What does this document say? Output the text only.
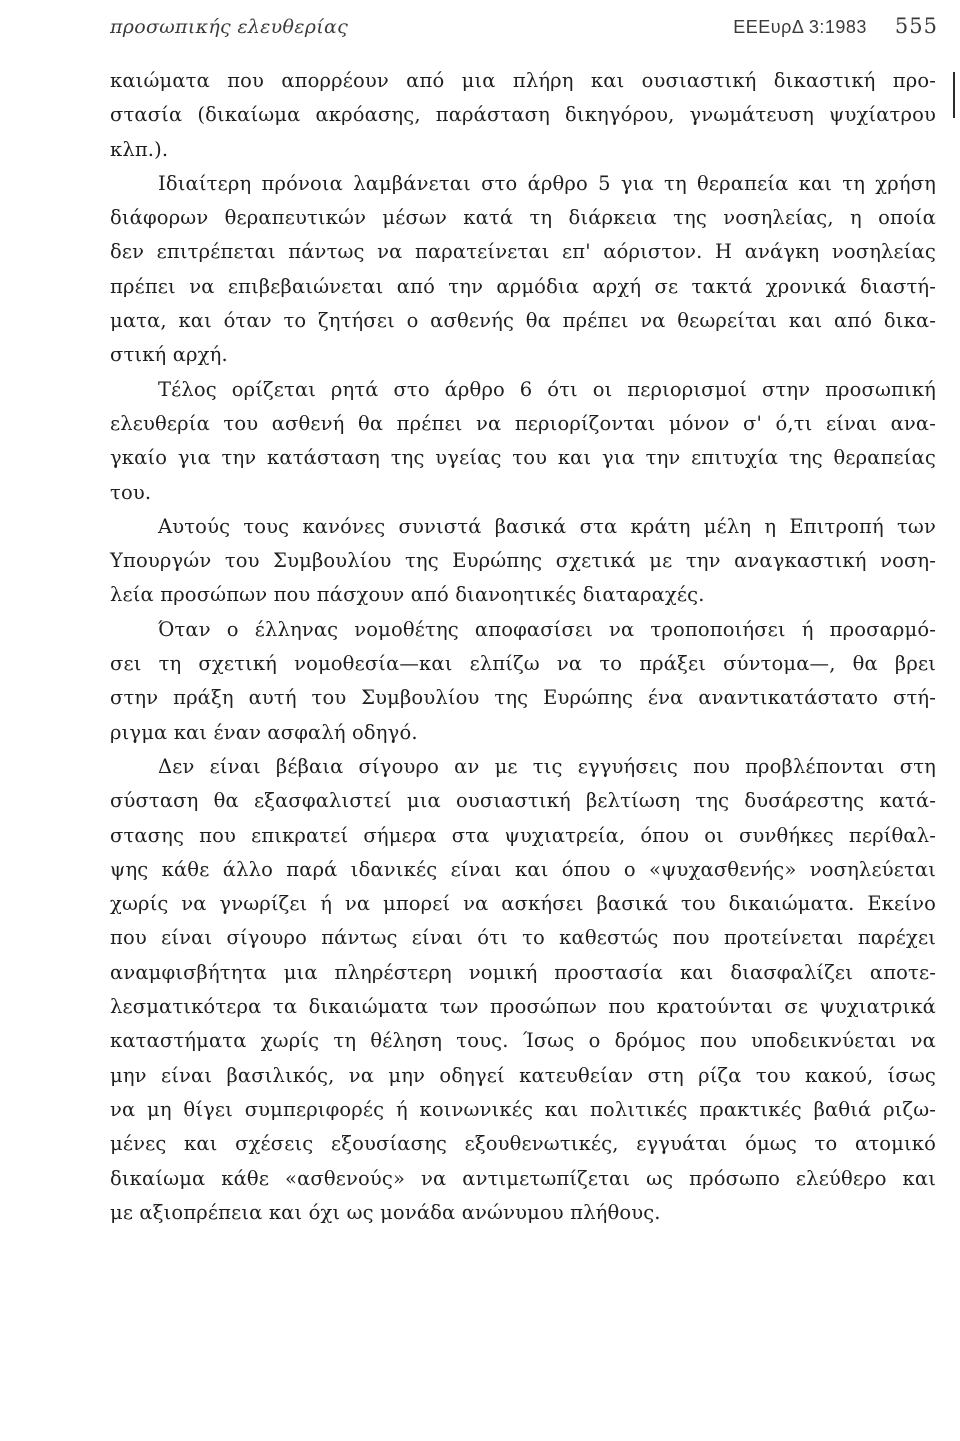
προσωπικής ελευθερίας	ΕΕΕυρΔ 3:1983 555
καιώματα που απορρέουν από μια πλήρη και ουσιαστική δικαστική προ-
στασία (δικαίωμα ακρόασης, παράσταση δικηγόρου, γνωμάτευση ψυχίατρου
κλπ.).
Ιδιαίτερη πρόνοια λαμβάνεται στο άρθρο 5 για τη θεραπεία και τη χρήση
διάφορων θεραπευτικών μέσων κατά τη διάρκεια της νοσηλείας, η οποία
δεν επιτρέπεται πάντως να παρατείνεται επ' αόριστον. Η ανάγκη νοσηλείας
πρέπει να επιβεβαιώνεται από την αρμόδια αρχή σε τακτά χρονικά διαστή-
ματα, και όταν το ζητήσει ο ασθενής θα πρέπει να θεωρείται και από δικα-
στική αρχή.
Τέλος ορίζεται ρητά στο άρθρο 6 ότι οι περιορισμοί στην προσωπική
ελευθερία του ασθενή θα πρέπει να περιορίζονται μόνον σ' ό,τι είναι ανα-
γκαίο για την κατάσταση της υγείας του και για την επιτυχία της θεραπείας
του.
Αυτούς τους κανόνες συνιστά βασικά στα κράτη μέλη η Επιτροπή των
Υπουργών του Συμβουλίου της Ευρώπης σχετικά με την αναγκαστική νοση-
λεία προσώπων που πάσχουν από διανοητικές διαταραχές.
Όταν ο έλληνας νομοθέτης αποφασίσει να τροποποιήσει ή προσαρμό-
σει τη σχετική νομοθεσία—και ελπίζω να το πράξει σύντομα—, θα βρει
στην πράξη αυτή του Συμβουλίου της Ευρώπης ένα αναντικατάστατο στή-
ριγμα και έναν ασφαλή οδηγό.
Δεν είναι βέβαια σίγουρο αν με τις εγγυήσεις που προβλέπονται στη
σύσταση θα εξασφαλιστεί μια ουσιαστική βελτίωση της δυσάρεστης κατά-
στασης που επικρατεί σήμερα στα ψυχιατρεία, όπου οι συνθήκες περίθαλ-
ψης κάθε άλλο παρά ιδανικές είναι και όπου ο «ψυχασθενής» νοσηλεύεται
χωρίς να γνωρίζει ή να μπορεί να ασκήσει βασικά του δικαιώματα. Εκείνο
που είναι σίγουρο πάντως είναι ότι το καθεστώς που προτείνεται παρέχει
αναμφισβήτητα μια πληρέστερη νομική προστασία και διασφαλίζει αποτε-
λεσματικότερα τα δικαιώματα των προσώπων που κρατούνται σε ψυχιατρικά
καταστήματα χωρίς τη θέληση τους. Ίσως ο δρόμος που υποδεικνύεται να
μην είναι βασιλικός, να μην οδηγεί κατευθείαν στη ρίζα του κακού, ίσως
να μη θίγει συμπεριφορές ή κοινωνικές και πολιτικές πρακτικές βαθιά ριζω-
μένες και σχέσεις εξουσίασης εξουθενωτικές, εγγυάται όμως το ατομικό
δικαίωμα κάθε «ασθενούς» να αντιμετωπίζεται ως πρόσωπο ελεύθερο και
με αξιοπρέπεια και όχι ως μονάδα ανώνυμου πλήθους.
